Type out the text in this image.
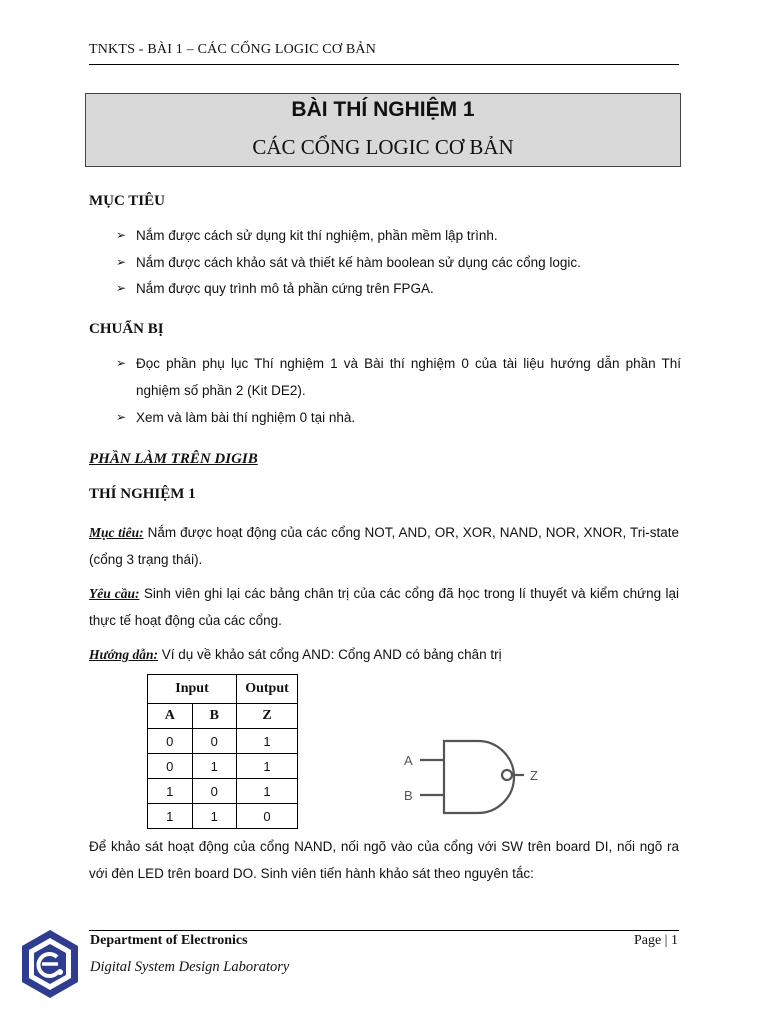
TNKTS - BÀI 1 – CÁC CỔNG LOGIC CƠ BẢN
BÀI THÍ NGHIỆM 1
CÁC CỔNG LOGIC CƠ BẢN
MỤC TIÊU
➢ Nắm được cách sử dụng kit thí nghiệm, phần mềm lập trình.
➢ Nắm được cách khảo sát và thiết kế hàm boolean sử dụng các cổng logic.
➢ Nắm được quy trình mô tả phần cứng trên FPGA.
CHUẨN BỊ
➢ Đọc phần phụ lục Thí nghiệm 1 và Bài thí nghiệm 0 của tài liệu hướng dẫn phần Thí nghiệm số phần 2 (Kit DE2).
➢ Xem và làm bài thí nghiệm 0 tại nhà.
PHẦN LÀM TRÊN DIGIB
THÍ NGHIỆM 1
Mục tiêu: Nắm được hoạt động của các cổng NOT, AND, OR, XOR, NAND, NOR, XNOR, Tri-state (cổng 3 trạng thái).
Yêu cầu: Sinh viên ghi lại các bảng chân trị của các cổng đã học trong lí thuyết và kiểm chứng lại thực tế hoạt động của các cổng.
Hướng dẫn: Ví dụ về khảo sát cổng AND: Cổng AND có bảng chân trị
Input		Output
A	B	Z
0	0	1
0	1	1
1	0	1
1	1	0
A
B
Z
Để khảo sát hoạt động của cổng NAND, nối ngõ vào của cổng với SW trên board DI, nối ngõ ra với đèn LED trên board DO. Sinh viên tiến hành khảo sát theo nguyên tắc:
Department of Electronics
Digital System Design Laboratory
Page | 1
